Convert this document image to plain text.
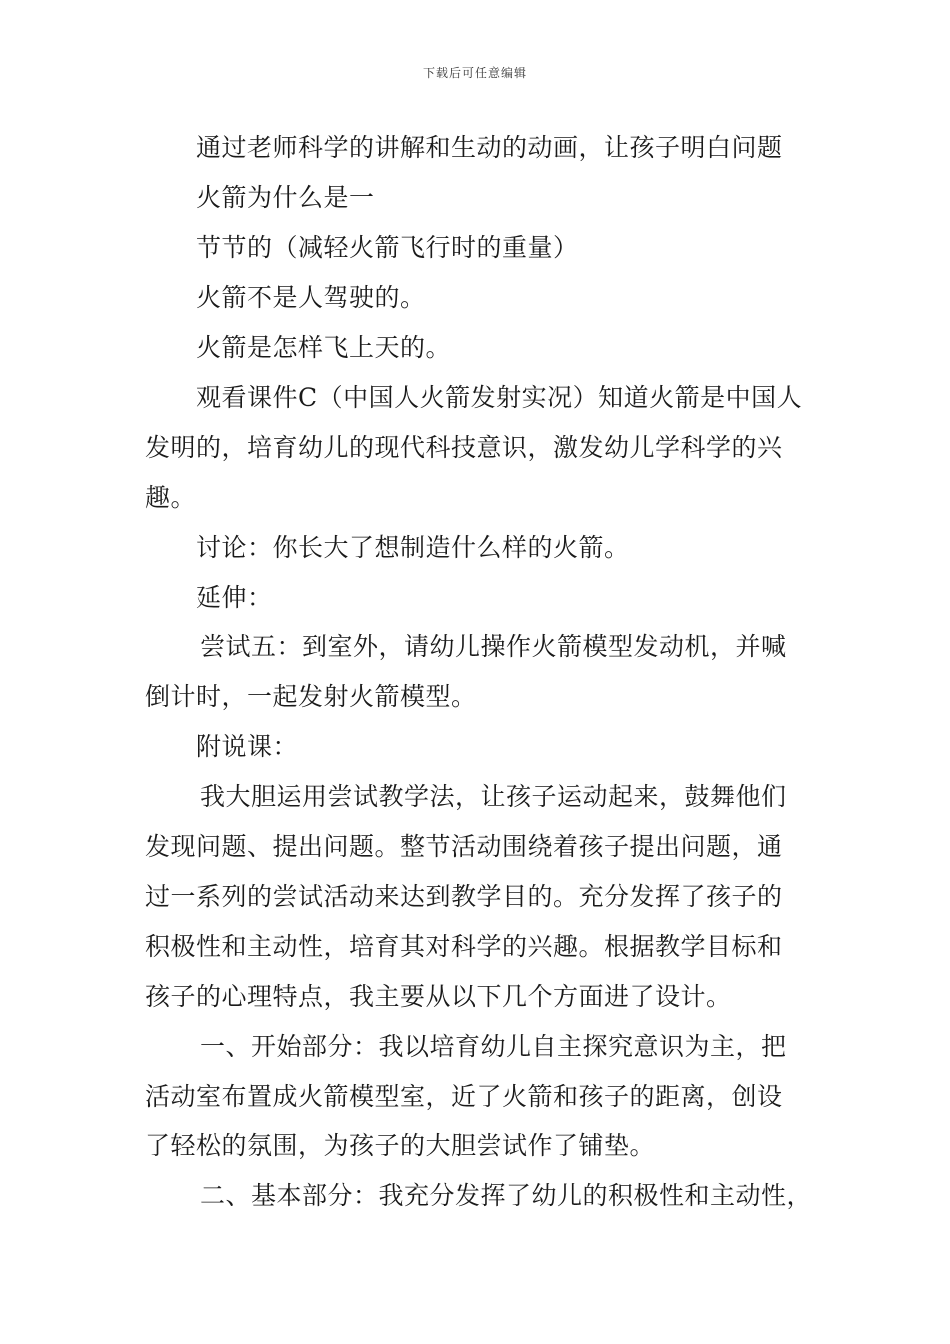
下载后可任意编辑
通过老师科学的讲解和生动的动画，让孩子明白问题
火箭为什么是一
节节的（减轻火箭飞行时的重量）
火箭不是人驾驶的。
火箭是怎样飞上天的。
观看课件C（中国人火箭发射实况）知道火箭是中国人
发明的，培育幼儿的现代科技意识，激发幼儿学科学的兴
趣。
讨论：你长大了想制造什么样的火箭。
延伸：
尝试五：到室外，请幼儿操作火箭模型发动机，并喊
倒计时，一起发射火箭模型。
附说课：
我大胆运用尝试教学法，让孩子运动起来，鼓舞他们
发现问题、提出问题。整节活动围绕着孩子提出问题，通
过一系列的尝试活动来达到教学目的。充分发挥了孩子的
积极性和主动性，培育其对科学的兴趣。根据教学目标和
孩子的心理特点，我主要从以下几个方面进了设计。
一、开始部分：我以培育幼儿自主探究意识为主，把
活动室布置成火箭模型室，近了火箭和孩子的距离，创设
了轻松的氛围，为孩子的大胆尝试作了铺垫。
二、基本部分：我充分发挥了幼儿的积极性和主动性，
